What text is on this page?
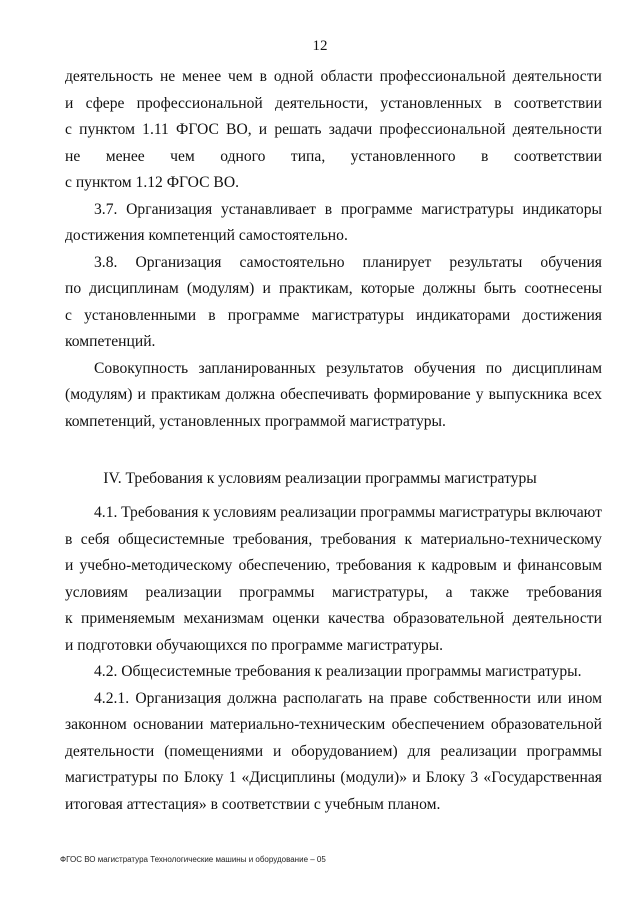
12
деятельность не менее чем в одной области профессиональной деятельности
и сфере профессиональной деятельности, установленных в соответствии
с пунктом 1.11 ФГОС ВО, и решать задачи профессиональной деятельности
не менее чем одного типа, установленного в соответствии
с пунктом 1.12 ФГОС ВО.
3.7. Организация устанавливает в программе магистратуры индикаторы
достижения компетенций самостоятельно.
3.8. Организация самостоятельно планирует результаты обучения
по дисциплинам (модулям) и практикам, которые должны быть соотнесены
с установленными в программе магистратуры индикаторами достижения
компетенций.
Совокупность запланированных результатов обучения по дисциплинам
(модулям) и практикам должна обеспечивать формирование у выпускника всех
компетенций, установленных программой магистратуры.
IV. Требования к условиям реализации программы магистратуры
4.1. Требования к условиям реализации программы магистратуры включают
в себя общесистемные требования, требования к материально-техническому
и учебно-методическому обеспечению, требования к кадровым и финансовым
условиям реализации программы магистратуры, а также требования
к применяемым механизмам оценки качества образовательной деятельности
и подготовки обучающихся по программе магистратуры.
4.2. Общесистемные требования к реализации программы магистратуры.
4.2.1. Организация должна располагать на праве собственности или ином
законном основании материально-техническим обеспечением образовательной
деятельности (помещениями и оборудованием) для реализации программы
магистратуры по Блоку 1 «Дисциплины (модули)» и Блоку 3 «Государственная
итоговая аттестация» в соответствии с учебным планом.
ФГОС ВО магистратура Технологические машины и оборудование – 05
